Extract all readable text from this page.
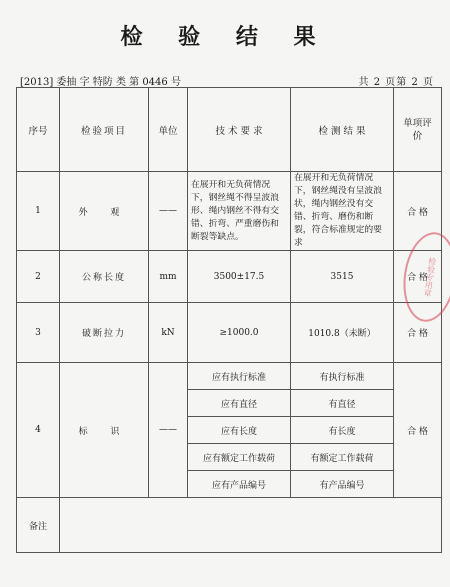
检 验 结 果
[2013] 委抽 字 特防 类 第 0446 号	共 2 页第 2 页
序号	检验项目	单位	技 术 要 求	检 测 结 果	单项评价
1	外 观	——	在展开和无负荷情况下，钢丝绳不得呈波浪形、绳内钢丝不得有交错、折弯、严重磨伤和断裂等缺点。	在展开和无负荷情况下，钢丝绳没有呈波浪状，绳内钢丝没有交错、折弯、磨伤和断裂，符合标准规定的要求	合 格
2	公称长度	mm	3500±17.5	3515	合 格
3	破断拉力	kN	≥1000.0	1010.8（未断）	合 格
4	标 识	——	应有执行标准	有执行标准	合 格
			应有直径	有直径	
			应有长度	有长度	
			应有额定工作载荷	有额定工作载荷	
			应有产品编号	有产品编号	
备注					
检验专用章
